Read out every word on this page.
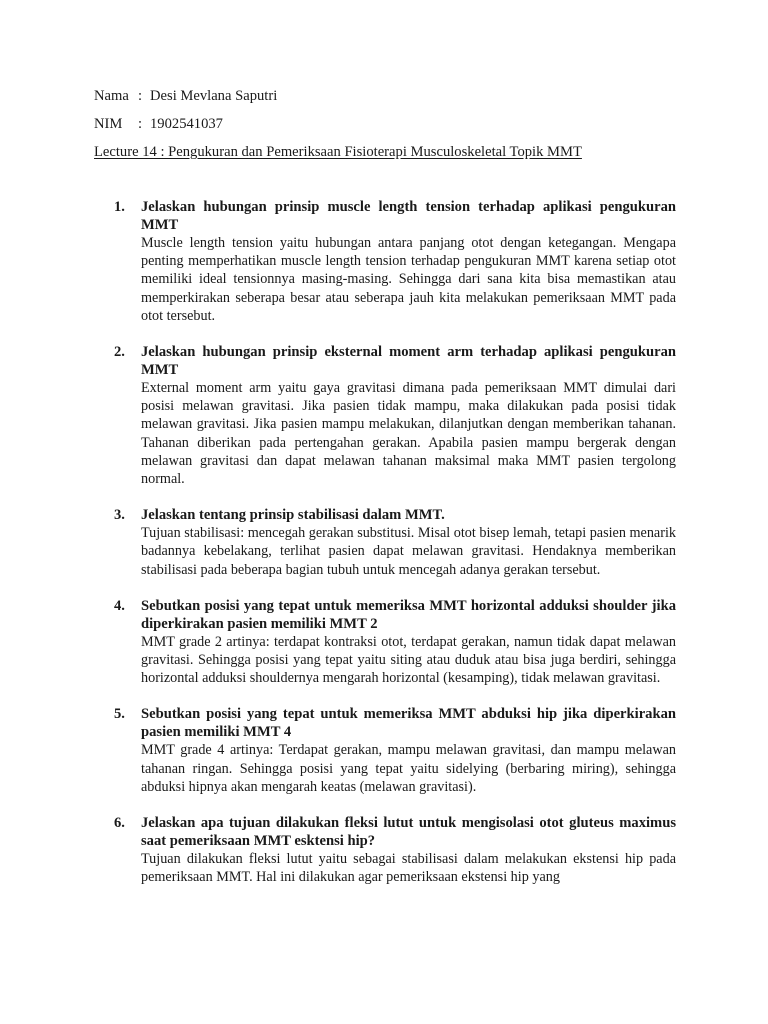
Nama : Desi Mevlana Saputri
NIM : 1902541037
Lecture 14 : Pengukuran dan Pemeriksaan Fisioterapi Musculoskeletal Topik MMT
1. Jelaskan hubungan prinsip muscle length tension terhadap aplikasi pengukuran MMT
Muscle length tension yaitu hubungan antara panjang otot dengan ketegangan. Mengapa penting memperhatikan muscle length tension terhadap pengukuran MMT karena setiap otot memiliki ideal tensionnya masing-masing. Sehingga dari sana kita bisa memastikan atau memperkirakan seberapa besar atau seberapa jauh kita melakukan pemeriksaan MMT pada otot tersebut.
2. Jelaskan hubungan prinsip eksternal moment arm terhadap aplikasi pengukuran MMT
External moment arm yaitu gaya gravitasi dimana pada pemeriksaan MMT dimulai dari posisi melawan gravitasi. Jika pasien tidak mampu, maka dilakukan pada posisi tidak melawan gravitasi. Jika pasien mampu melakukan, dilanjutkan dengan memberikan tahanan. Tahanan diberikan pada pertengahan gerakan. Apabila pasien mampu bergerak dengan melawan gravitasi dan dapat melawan tahanan maksimal maka MMT pasien tergolong normal.
3. Jelaskan tentang prinsip stabilisasi dalam MMT.
Tujuan stabilisasi: mencegah gerakan substitusi. Misal otot bisep lemah, tetapi pasien menarik badannya kebelakang, terlihat pasien dapat melawan gravitasi. Hendaknya memberikan stabilisasi pada beberapa bagian tubuh untuk mencegah adanya gerakan tersebut.
4. Sebutkan posisi yang tepat untuk memeriksa MMT horizontal adduksi shoulder jika diperkirakan pasien memiliki MMT 2
MMT grade 2 artinya: terdapat kontraksi otot, terdapat gerakan, namun tidak dapat melawan gravitasi. Sehingga posisi yang tepat yaitu siting atau duduk atau bisa juga berdiri, sehingga horizontal adduksi shouldernya mengarah horizontal (kesamping), tidak melawan gravitasi.
5. Sebutkan posisi yang tepat untuk memeriksa MMT abduksi hip jika diperkirakan pasien memiliki MMT 4
MMT grade 4 artinya: Terdapat gerakan, mampu melawan gravitasi, dan mampu melawan tahanan ringan. Sehingga posisi yang tepat yaitu sidelying (berbaring miring), sehingga abduksi hipnya akan mengarah keatas (melawan gravitasi).
6. Jelaskan apa tujuan dilakukan fleksi lutut untuk mengisolasi otot gluteus maximus saat pemeriksaan MMT esktensi hip?
Tujuan dilakukan fleksi lutut yaitu sebagai stabilisasi dalam melakukan ekstensi hip pada pemeriksaan MMT. Hal ini dilakukan agar pemeriksaan ekstensi hip yang
